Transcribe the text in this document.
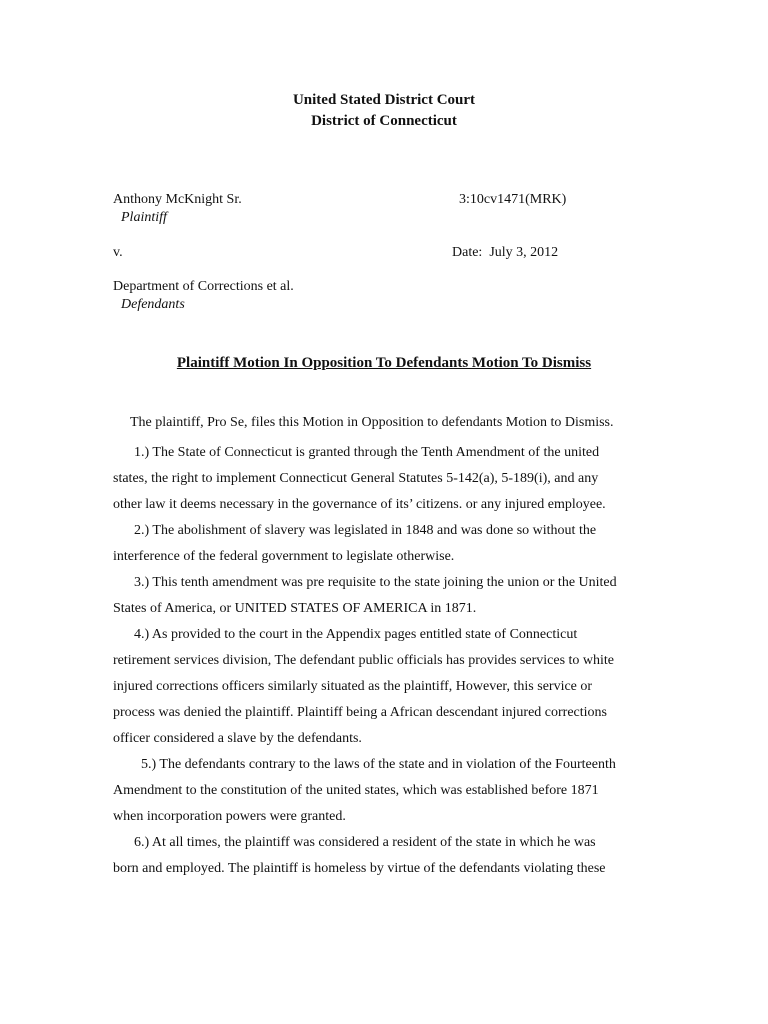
United Stated District Court
District of Connecticut
Anthony McKnight Sr.
Plaintiff
3:10cv1471(MRK)
v.	Date:  July 3, 2012
Department of Corrections et al.
Defendants
Plaintiff Motion In Opposition To Defendants Motion To Dismiss
The plaintiff, Pro Se, files this Motion in Opposition to defendants Motion to Dismiss.
1.) The State of Connecticut is granted through the Tenth Amendment of the united
states, the right to implement Connecticut General Statutes 5-142(a), 5-189(i), and any
other law it deems necessary in the governance of its’ citizens. or any injured employee.
2.) The abolishment of slavery was legislated in 1848 and was done so without the
interference of the federal government to legislate otherwise.
3.) This tenth amendment was pre requisite to the state joining the union or the United
States of America, or UNITED STATES OF AMERICA in 1871.
4.) As provided to the court in the Appendix pages entitled state of Connecticut
retirement services division, The defendant public officials has provides services to white
injured corrections officers similarly situated as the plaintiff, However, this service or
process was denied the plaintiff. Plaintiff being a African descendant injured corrections
officer considered a slave by the defendants.
5.) The defendants contrary to the laws of the state and in violation of the Fourteenth
Amendment to the constitution of the united states, which was established before 1871
when incorporation powers were granted.
6.) At all times, the plaintiff was considered a resident of the state in which he was
born and employed. The plaintiff is homeless by virtue of the defendants violating these
